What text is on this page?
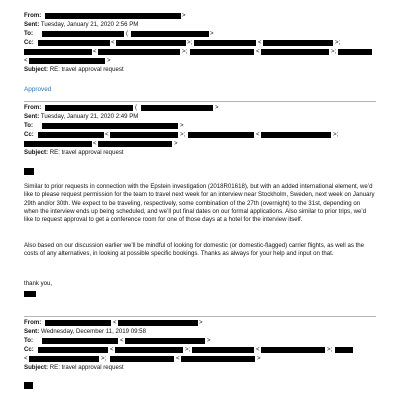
From:	>
Sent: Tuesday, January 21, 2020 2:56 PM
To:	(	>
Cc:	<	>;	<	>;
<	>;	<	>;
<	>
Subject: RE: travel approval request
Approved
From:	(	>
Sent: Tuesday, January 21, 2020 2:49 PM
To:	>
Cc:	<	>;	<	>;
<	>
Subject: RE: travel approval request

Similar to prior requests in connection with the Epstein investigation (2018R01618), but with an added international element, we’d like to please request permission for the team to travel next week for an interview near Stockholm, Sweden, next week on January 29th and/or 30th. We expect to be traveling, respectively, some combination of the 27th (overnight) to the 31st, depending on when the interview ends up being scheduled, and we’ll put final dates on our formal applications. Also similar to prior trips, we’d like to request approval to get a conference room for one of those days at a hotel for the interview itself.

Also based on our discussion earlier we’ll be mindful of looking for domestic (or domestic-flagged) carrier flights, as well as the costs of any alternatives, in looking at possible specific bookings. Thanks as always for your help and input on that.

thank you,

From:	<	>
Sent: Wednesday, December 11, 2019 09:58
To:	<	>
Cc:	<	>;	<	>;
<	>;	<	>
Subject: RE: travel approval request
